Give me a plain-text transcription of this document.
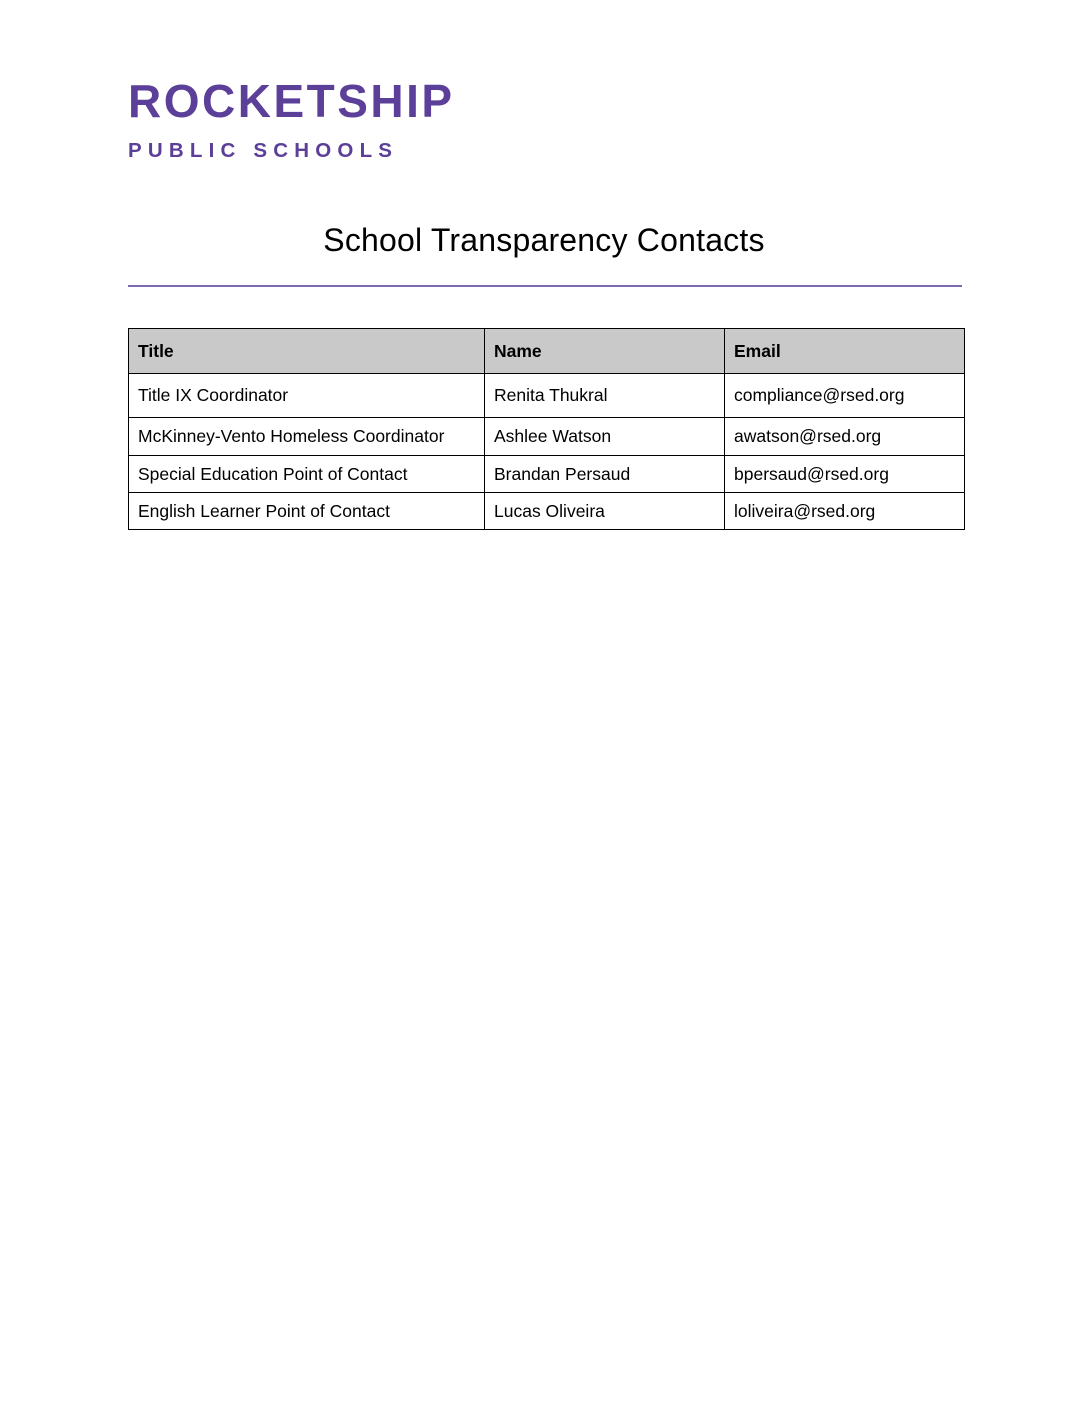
ROCKETSHIP
PUBLIC SCHOOLS
School Transparency Contacts
Title	Name	Email
Title IX Coordinator	Renita Thukral	compliance@rsed.org
McKinney-Vento Homeless Coordinator	Ashlee Watson	awatson@rsed.org
Special Education Point of Contact	Brandan Persaud	bpersaud@rsed.org
English Learner Point of Contact	Lucas Oliveira	loliveira@rsed.org
